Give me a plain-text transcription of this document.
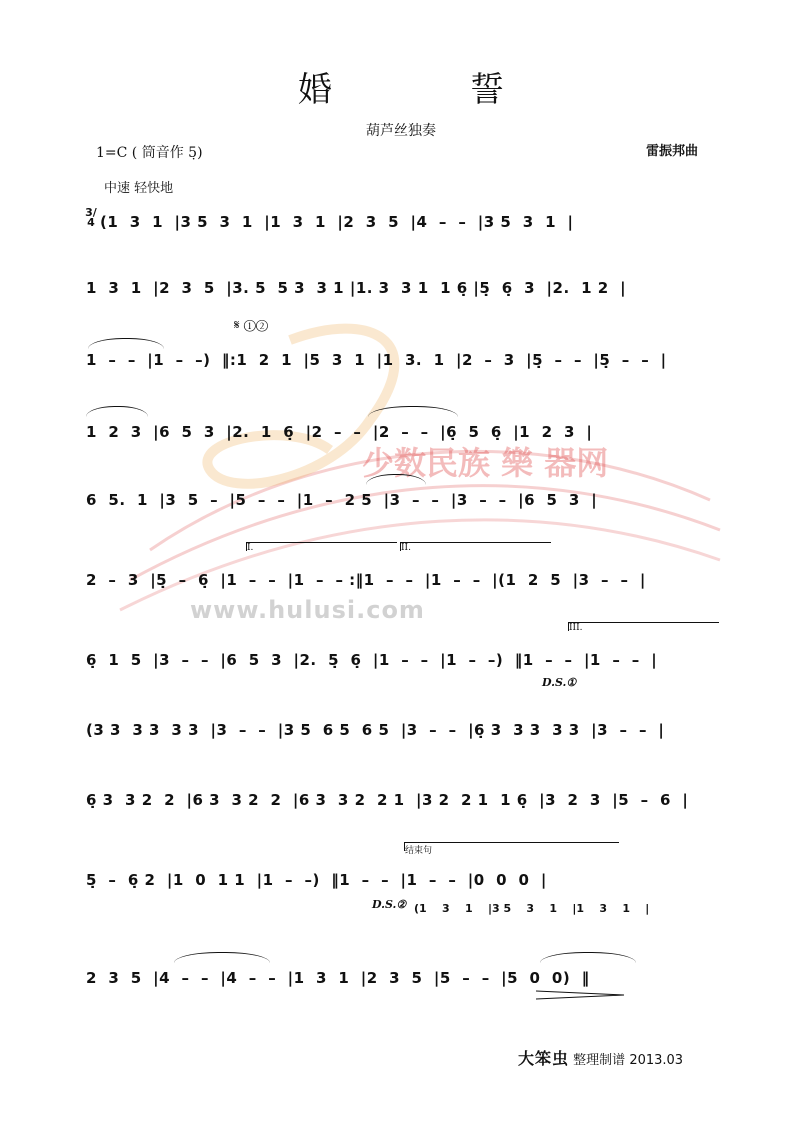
少数民族 樂 器网
www.hulusi.com
婚	誓
葫芦丝独奏
1=C ( 筒音作 5̣)	雷振邦曲
中速 轻快地
3/4 (1  3  1  |3 5  3  1  |1  3  1  |2  3  5  |4  –  –  |3 5  3  1  |
1  3  1  |2  3  5  |3. 5  5 3  3 1 |1. 3  3 1  1 6̣ |5̣  6̣  3  |2.  1 2  |
1  –  –  |1  –  –)  ‖:1  2  1  |5  3  1  |1  3.  1  |2  –  3  |5̣  –  –  |5̣  –  –  |
𝄋 ①②
1  2  3  |6  5  3  |2.  1  6̣  |2  –  –  |2  –  –  |6̣  5  6̣  |1  2  3  |
6  5.  1  |3  5  –  |5  –  –  |1  –  2 5  |3  –  –  |3  –  –  |6  5  3  |
2  –  3  |5̣  –  6̣  |1  –  –  |1  –  – :‖1  –  –  |1  –  –  |(1  2  5  |3  –  –  |
I.	II.
6̣  1  5  |3  –  –  |6  5  3  |2.  5̣  6̣  |1  –  –  |1  –  –)  ‖1  –  –  |1  –  –  |
III.
D.S.①
(3 3  3 3  3 3  |3  –  –  |3 5  6 5  6 5  |3  –  –  |6̣ 3  3 3  3 3  |3  –  –  |
6̣ 3  3 2  2  |6 3  3 2  2  |6 3  3 2  2 1  |3 2  2 1  1 6̣  |3  2  3  |5  –  6  |
5̣  –  6̣ 2  |1  0  1 1  |1  –  –)  ‖1  –  –  |1  –  –  |0  0  0  |
结束句
D.S.② (1    3    1    |3 5    3    1    |1    3    1    |
2  3  5  |4  –  –  |4  –  –  |1  3  1  |2  3  5  |5  –  –  |5  0  0)  ‖
大笨虫 整理制谱 2013.03
